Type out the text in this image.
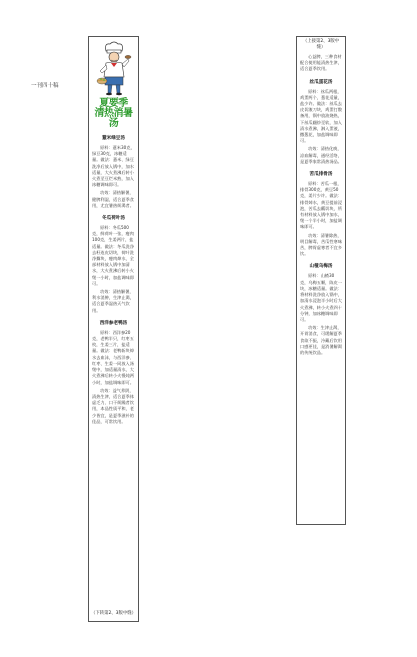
一刊四十稿

夏要季

清热消暑汤

薏米绿豆汤

原料：薏米30克，绿豆30克，冰糖适量。做法：薏米、绿豆洗净后放入锅中，加水适量，大火煮沸后转小火煮至豆烂米熟，加入冰糖调味即可。

功效：清热解暑，健脾利湿，适合夏季食用，尤宜暑热烦渴者。

冬瓜荷叶汤

原料：冬瓜500克，鲜荷叶一张，瘦肉100克，生姜两片，盐适量。做法：冬瓜洗净去籽连皮切块，荷叶洗净撕块，瘦肉焯水，全部材料放入锅中加清水，大火煮沸后转小火煲一小时，加盐调味即可。

功效：清热解暑，利水消肿，生津止渴，适合夏季湿热天气饮用。

西洋参老鸭汤

原料：西洋参20克，老鸭半只，红枣五枚，生姜三片，盐适量。做法：老鸭斩块焯水去血沫，与西洋参、红枣、生姜一同放入汤煲中，加适量清水，大火煮沸后转小火慢炖两小时，加盐调味即可。

功效：益气养阴，清热生津，适合夏季体虚乏力、口干烦躁者饮用，本品性质平和，老少皆宜，是夏季滋补的佳品，可常饮用。

（下转第2、3版中缝）

（上接第2、3版中缝）

心益脾，三种食材配合使用能清热生津，适合夏季饮用。

丝瓜蛋花汤

原料：丝瓜两根，鸡蛋两个，葱花适量，盐少许。做法：丝瓜去皮切滚刀块，鸡蛋打散备用，锅中放油烧热，下丝瓜翻炒至软，加入清水煮沸，淋入蛋液，撒葱花，加盐调味即可。

功效：清热化痰，凉血解毒，通经活络，是夏季家常清热汤品。

苦瓜排骨汤

原料：苦瓜一根，排骨300克，黄豆50克，姜片少许。做法：排骨焯水，黄豆提前浸泡，苦瓜去瓤切块，所有材料放入锅中加水，煲一个半小时，加盐调味即可。

功效：清暑除热，明目解毒，苦瓜性寒味苦，脾胃虚寒者不宜多饮。

山楂乌梅汤

原料：山楂30克，乌梅五颗，陈皮一块，冰糖适量。做法：将材料洗净放入锅中，加清水浸泡半小时后大火煮沸，转小火煮四十分钟，加冰糖调味即可。

功效：生津止渴，开胃消食，可缓解夏季食欲不振，冷藏后饮用口感更佳，是消暑解渴的传统饮品。
